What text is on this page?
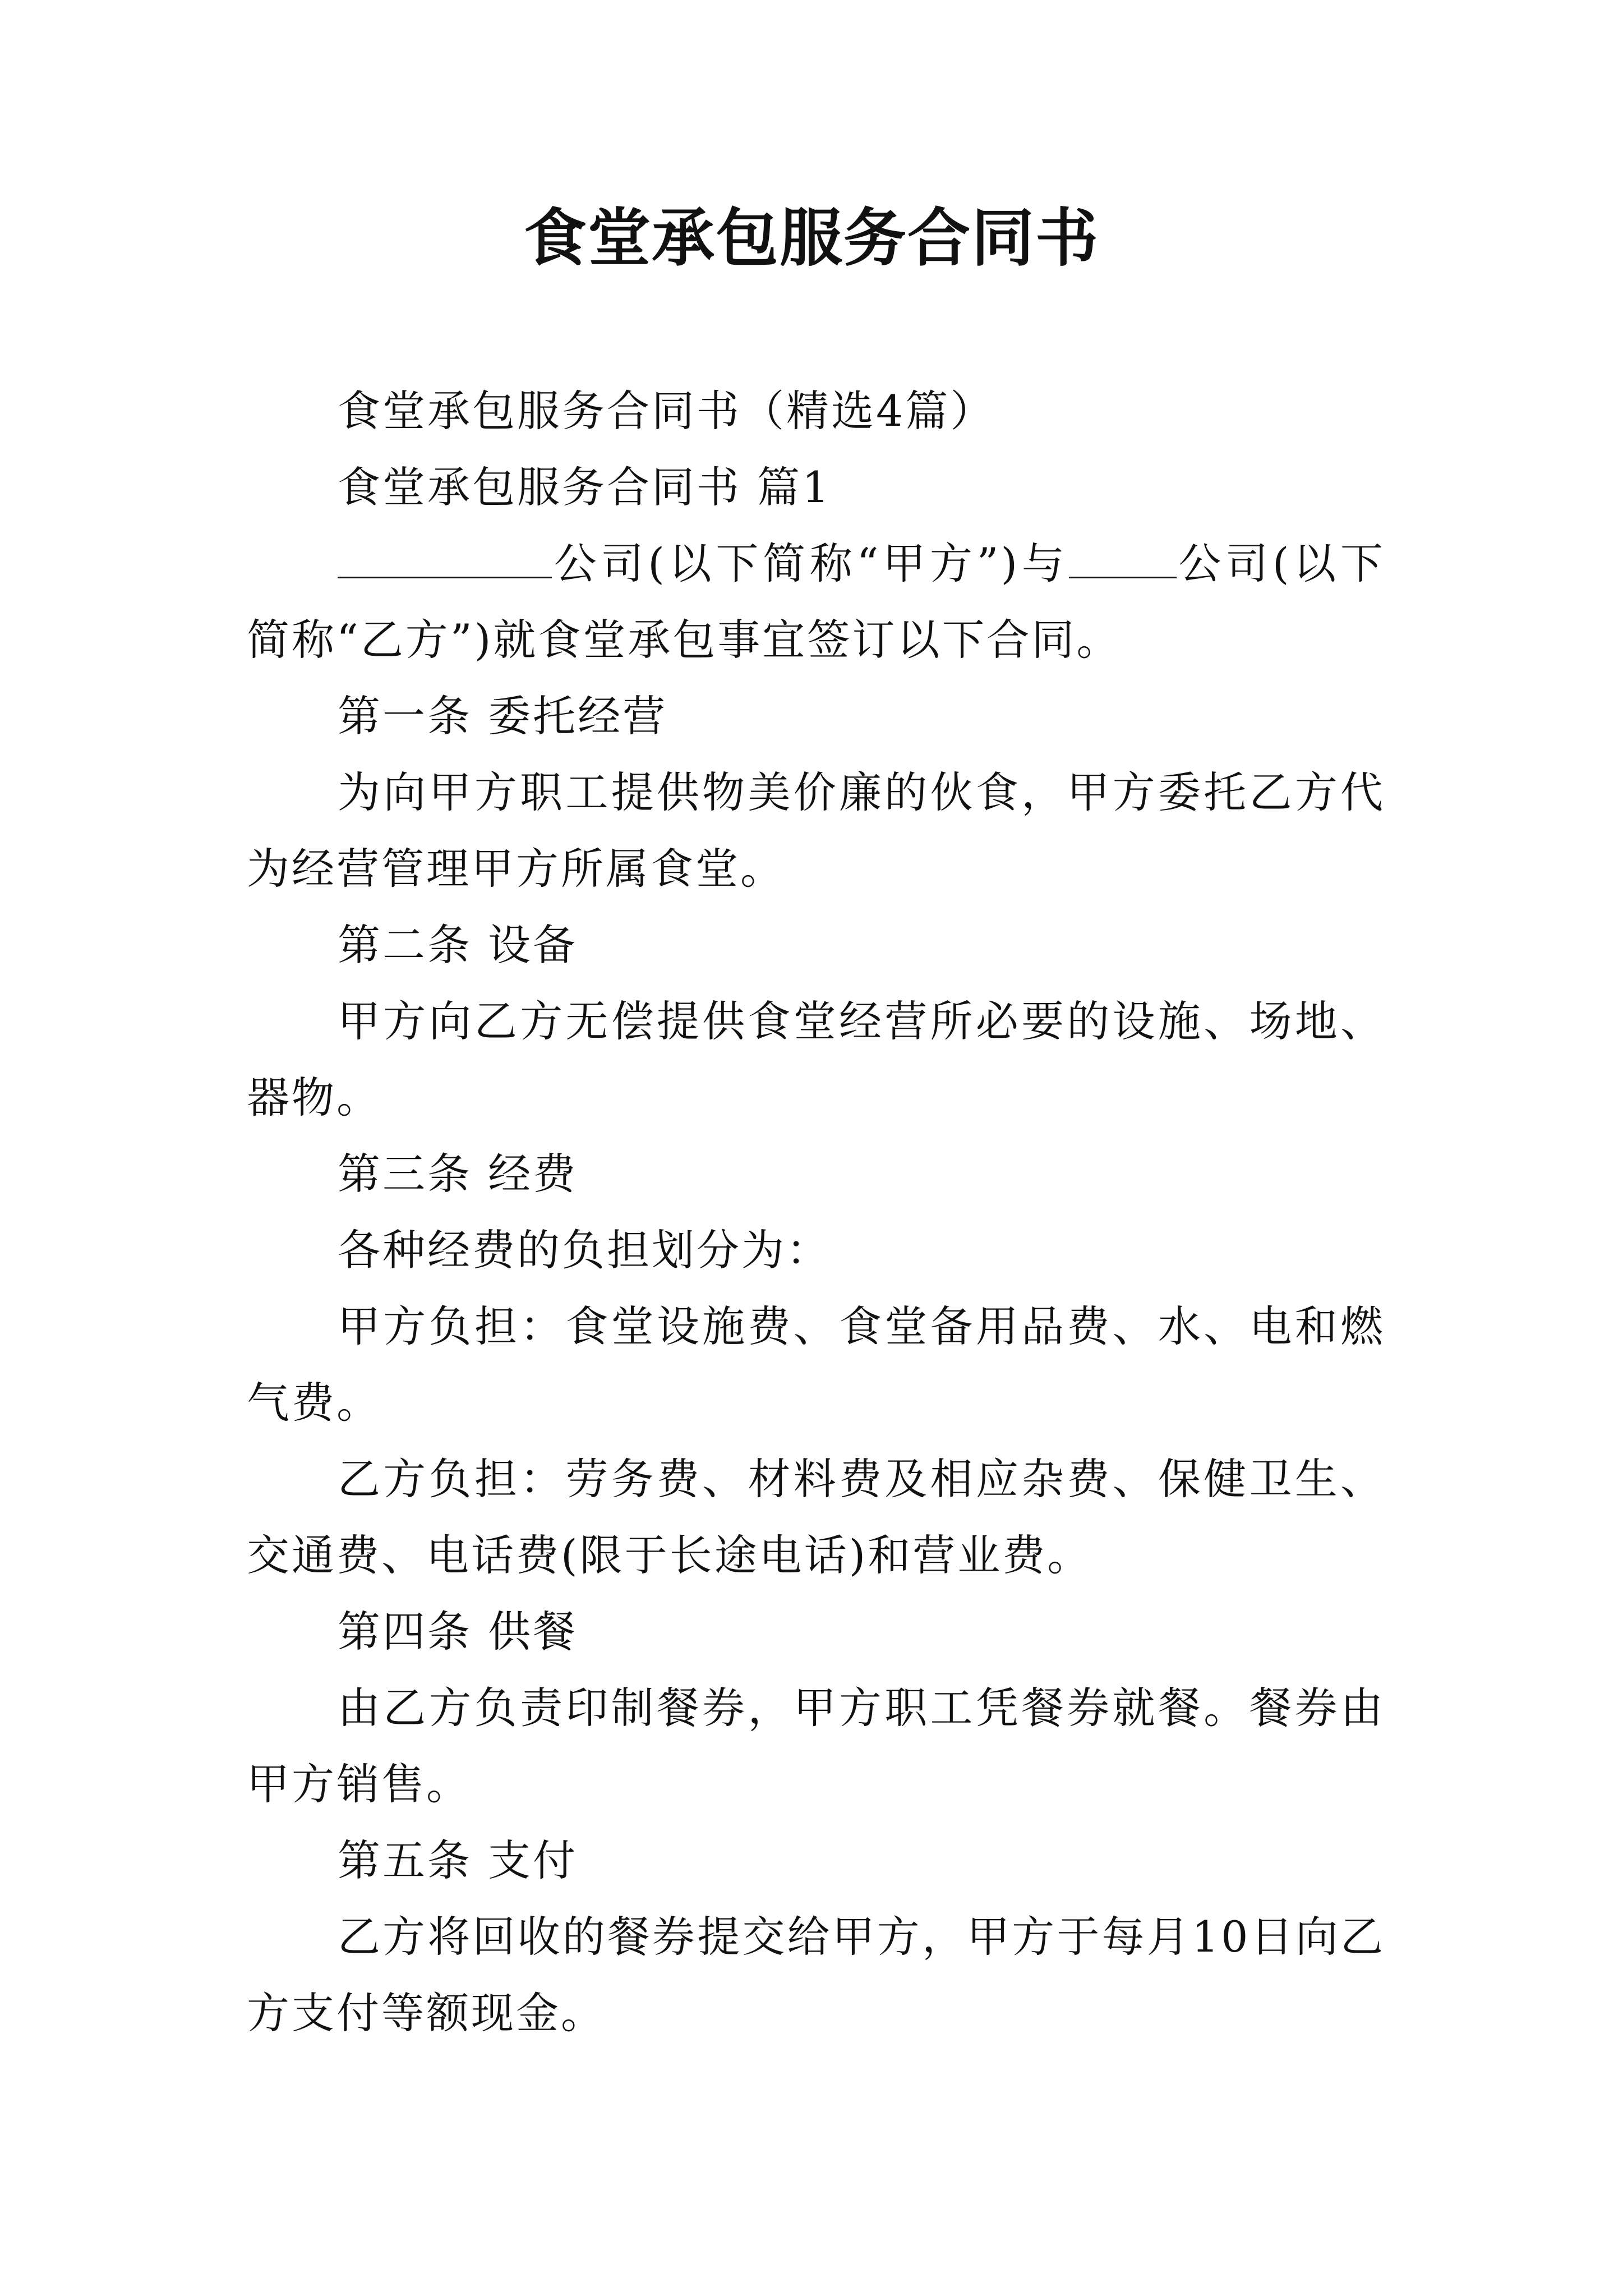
食堂承包服务合同书

食堂承包服务合同书（精选4篇）

食堂承包服务合同书 篇1

公司(以下简称“甲方”)与	公司(以下简称“乙方”)就食堂承包事宜签订以下合同。

第一条 委托经营

为向甲方职工提供物美价廉的伙食，甲方委托乙方代为经营管理甲方所属食堂。

第二条 设备

甲方向乙方无偿提供食堂经营所必要的设施、场地、器物。

第三条 经费

各种经费的负担划分为：

甲方负担：食堂设施费、食堂备用品费、水、电和燃气费。

乙方负担：劳务费、材料费及相应杂费、保健卫生、交通费、电话费(限于长途电话)和营业费。

第四条 供餐

由乙方负责印制餐券，甲方职工凭餐券就餐。餐券由甲方销售。

第五条 支付

乙方将回收的餐券提交给甲方，甲方于每月10日向乙方支付等额现金。
